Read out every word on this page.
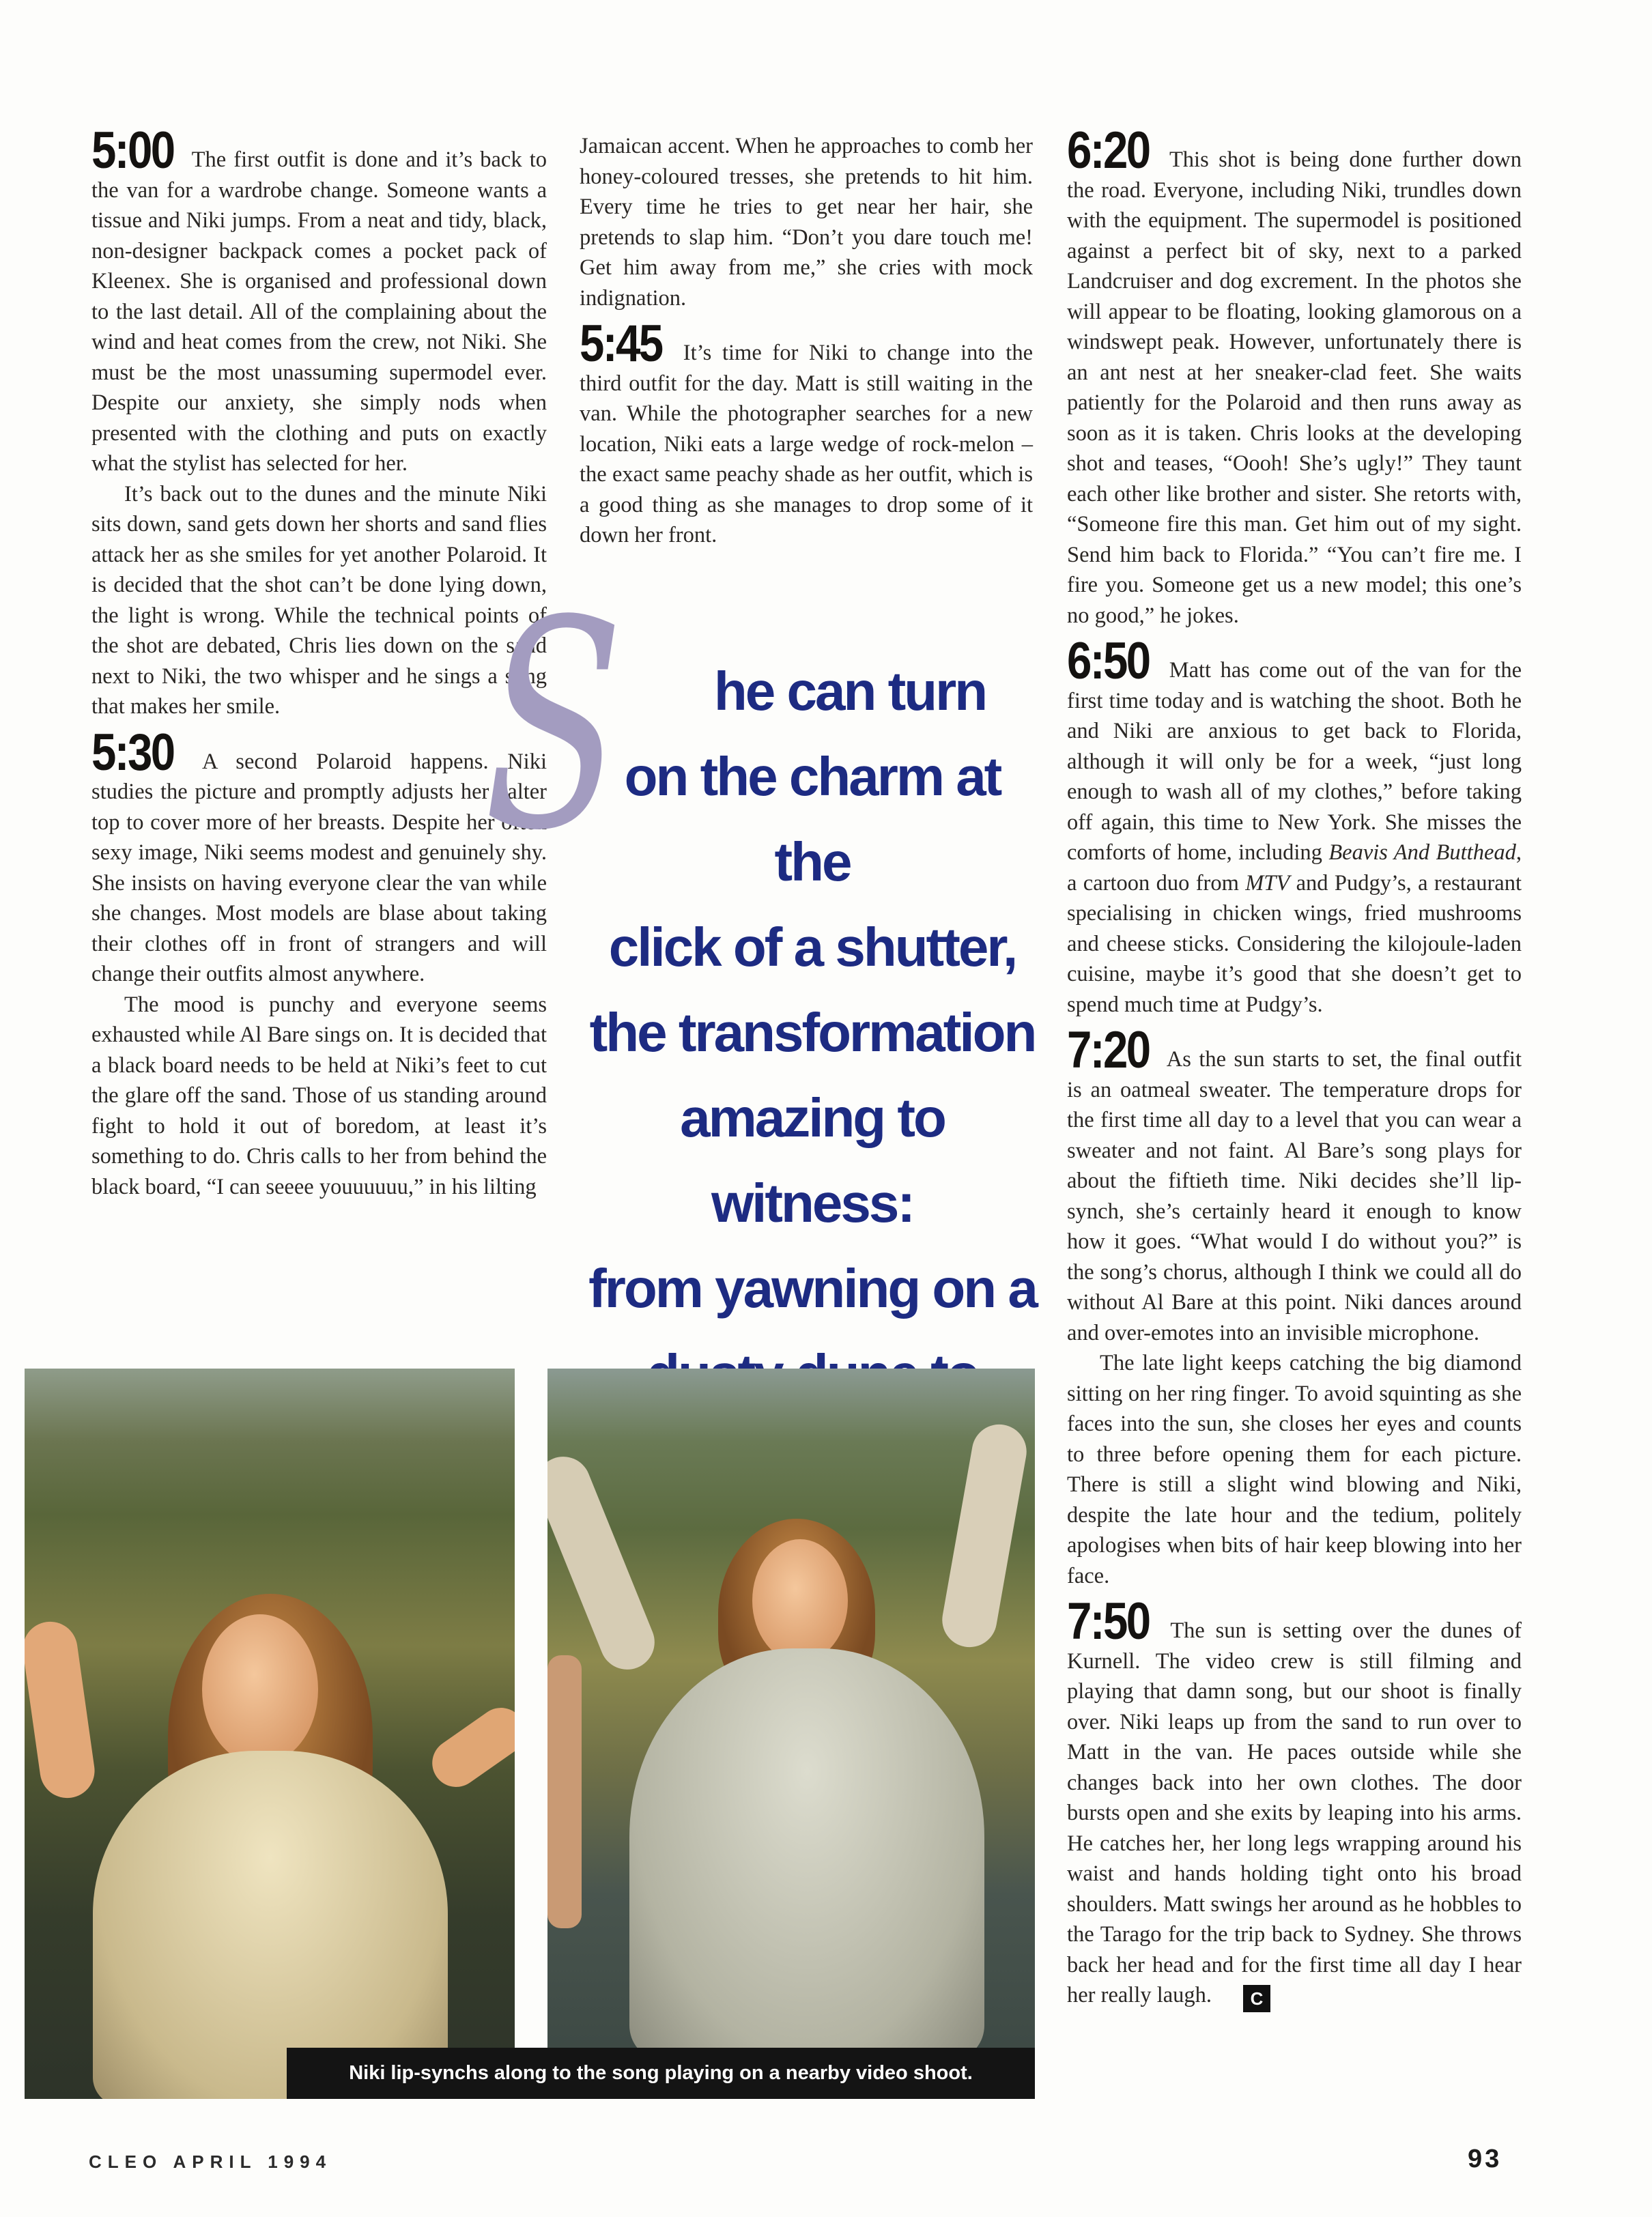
5:00 The first outfit is done and it’s back to the van for a wardrobe change. Someone wants a tissue and Niki jumps. From a neat and tidy, black, non-designer backpack comes a pocket pack of Kleenex. She is organised and professional down to the last detail. All of the complaining about the wind and heat comes from the crew, not Niki. She must be the most unassuming supermodel ever. Despite our anxiety, she simply nods when presented with the clothing and puts on exactly what the stylist has selected for her.

It’s back out to the dunes and the minute Niki sits down, sand gets down her shorts and sand flies attack her as she smiles for yet another Polaroid. It is decided that the shot can’t be done lying down, the light is wrong. While the technical points of the shot are debated, Chris lies down on the sand next to Niki, the two whisper and he sings a song that makes her smile.

5:30 A second Polaroid happens. Niki studies the picture and promptly adjusts her halter top to cover more of her breasts. Despite her often sexy image, Niki seems modest and genuinely shy. She insists on having everyone clear the van while she changes. Most models are blase about taking their clothes off in front of strangers and will change their outfits almost anywhere.

The mood is punchy and everyone seems exhausted while Al Bare sings on. It is decided that a black board needs to be held at Niki’s feet to cut the glare off the sand. Those of us standing around fight to hold it out of boredom, at least it’s something to do. Chris calls to her from behind the black board, “I can seeee youuuuuu,” in his lilting

Jamaican accent. When he approaches to comb her honey-coloured tresses, she pretends to hit him. Every time he tries to get near her hair, she pretends to slap him. “Don’t you dare touch me! Get him away from me,” she cries with mock indignation.

5:45 It’s time for Niki to change into the third outfit for the day. Matt is still waiting in the van. While the photographer searches for a new location, Niki eats a large wedge of rock-melon – the exact same peachy shade as her outfit, which is a good thing as she manages to drop some of it down her front.

S	he can turn
on the charm at the
click of a shutter,
the transformation
amazing to witness:
from yawning on a

6:20 This shot is being done further down the road. Everyone, including Niki, trundles down with the equipment. The supermodel is positioned against a perfect bit of sky, next to a parked Landcruiser and dog excrement. In the photos she will appear to be floating, looking glamorous on a windswept peak. However, unfortunately there is an ant nest at her sneaker-clad feet. She waits patiently for the Polaroid and then runs away as soon as it is taken. Chris looks at the developing shot and teases, “Oooh! She’s ugly!” They taunt each other like brother and sister. She retorts with, “Someone fire this man. Get him out of my sight. Send him back to Florida.” “You can’t fire me. I fire you. Someone get us a new model; this one’s no good,” he jokes.

6:50 Matt has come out of the van for the first time today and is watching the shoot. Both he and Niki are anxious to get back to Florida, although it will only be for a week, “just long enough to wash all of my clothes,” before taking off again, this time to New York. She misses the comforts of home, including Beavis And Butthead, a cartoon duo from MTV and Pudgy’s, a restaurant specialising in chicken wings, fried mushrooms and cheese sticks. Considering the kilojoule-laden cuisine, maybe it’s good that she doesn’t get to spend much time at Pudgy’s.

7:20 As the sun starts to set, the final outfit is an oatmeal sweater. The temperature drops for the first time all day to a level that you can wear a sweater and not faint. Al Bare’s song plays for about the fiftieth time. Niki decides she’ll lip-synch, she’s certainly heard it enough to know how it goes. “What would I do without you?” is the song’s chorus, although I think we could all do without Al Bare at this point. Niki dances around and over-emotes into an invisible microphone.

The late light keeps catching the big diamond sitting on her ring finger. To avoid squinting as she faces into the sun, she closes her eyes and counts to three before opening them for each picture. There is still a slight wind blowing and Niki, despite the late hour and the tedium, politely apologises when bits of hair keep blowing into her face.

7:50 The sun is setting over the dunes of Kurnell. The video crew is still filming and playing that damn song, but our shoot is finally over. Niki leaps up from the sand to run over to Matt in the van. He paces outside while she changes back into her own clothes. The door bursts open and she exits by leaping into his arms. He catches her, her long legs wrapping around his waist and hands holding tight onto his broad shoulders. Matt swings her around as he hobbles to the Tarago for the trip back to Sydney. She throws back her head and for the first time all day I hear her really laugh. C

Niki lip-synchs along to the song playing on a nearby video shoot.
CLEO APRIL 1994	93
